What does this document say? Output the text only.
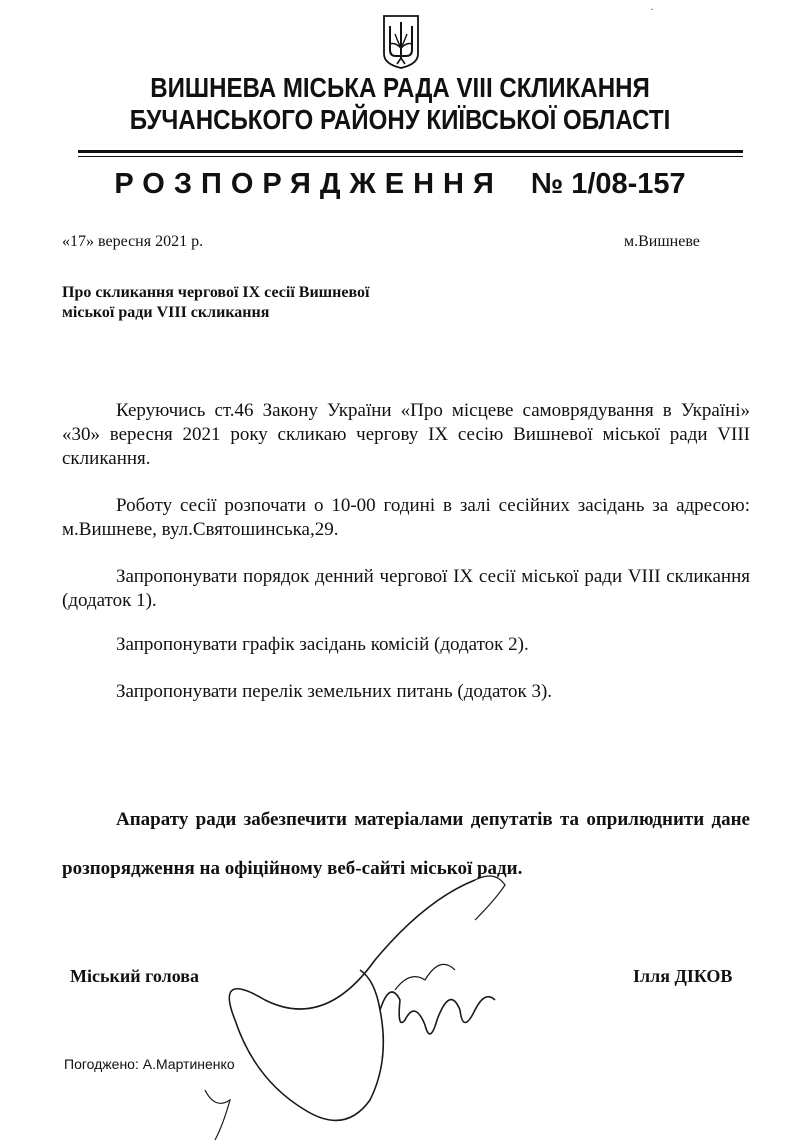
·
ВИШНЕВА МІСЬКА РАДА VIII СКЛИКАННЯ
БУЧАНСЬКОГО РАЙОНУ КИЇВСЬКОЇ ОБЛАСТІ
РОЗПОРЯДЖЕННЯ № 1/08-157
«17» вересня 2021 р.	м.Вишневе
Про скликання чергової ІХ сесії Вишневої
міської ради VIII скликання

Керуючись ст.46 Закону України «Про місцеве самоврядування в Україні» «30» вересня 2021 року скликаю чергову ІХ сесію Вишневої міської ради VIII скликання.

Роботу сесії розпочати о 10-00 годині в залі сесійних засідань за адресою: м.Вишневе, вул.Святошинська,29.

Запропонувати порядок денний чергової ІХ сесії міської ради VIII скликання (додаток 1).

Запропонувати графік засідань комісій (додаток 2).

Запропонувати перелік земельних питань (додаток 3).

Апарату ради забезпечити матеріалами депутатів та оприлюднити дане розпорядження на офіційному веб-сайті міської ради.

Міський голова	Ілля ДІКОВ
Погоджено: А.Мартиненко
